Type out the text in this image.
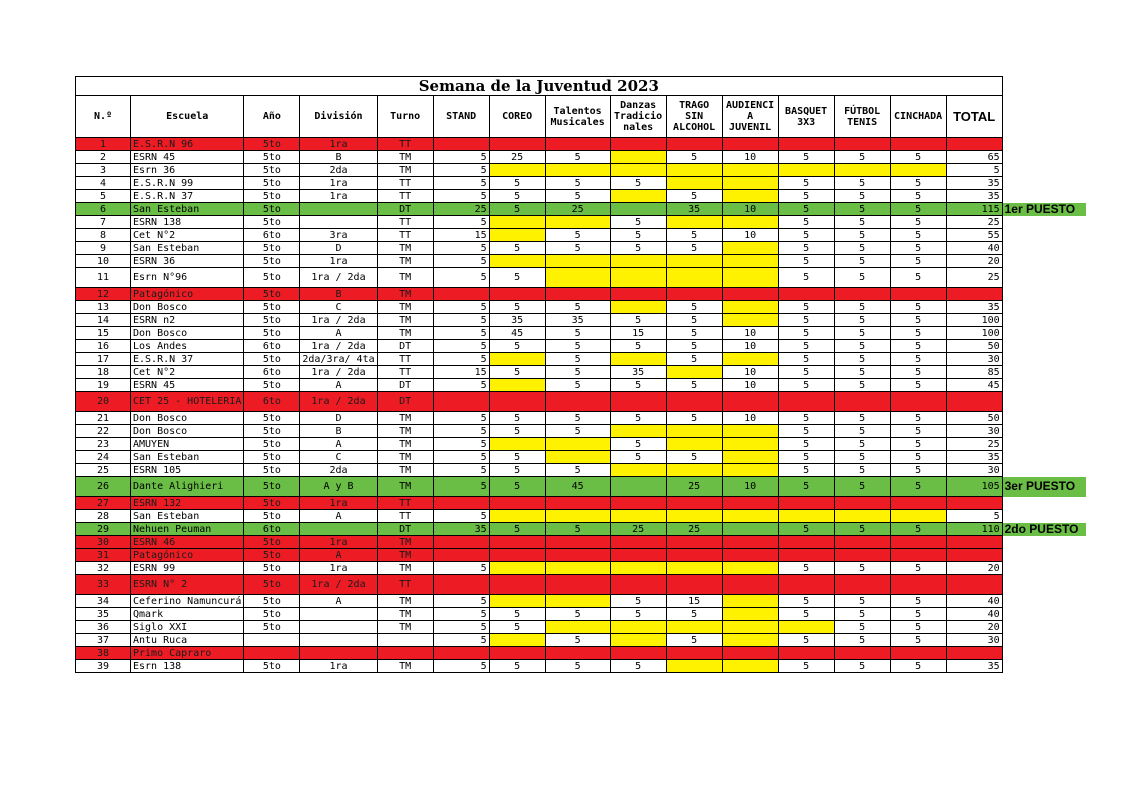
Semana de la Juventud 2023															
N.º	Escuela	Año	División	Turno	STAND	COREO	Talentos Musicales	Danzas Tradicio nales	TRAGO SIN ALCOHOL	AUDIENCI A JUVENIL	BASQUET 3X3	FÚTBOL TENIS	CINCHADA	TOTAL	
1	E.S.R.N 96	5to	1ra	TT											
2	ESRN 45	5to	B	TM	5	25	5		5	10	5	5	5	65	
3	Esrn 36	5to	2da	TM	5									5	
4	E.S.R.N 99	5to	1ra	TT	5	5	5	5			5	5	5	35	
5	E.S.R.N 37	5to	1ra	TT	5	5	5		5		5	5	5	35	
6	San Esteban	5to		DT	25	5	25		35	10	5	5	5	115	1er PUESTO
7	ESRN 138	5to		TT	5			5			5	5	5	25	
8	Cet N°2	6to	3ra	TT	15		5	5	5	10	5	5	5	55	
9	San Esteban	5to	D	TM	5	5	5	5	5		5	5	5	40	
10	ESRN 36	5to	1ra	TM	5						5	5	5	20	
11	Esrn N°96	5to	1ra / 2da	TM	5	5					5	5	5	25	
12	Patagónico	5to	B	TM											
13	Don Bosco	5to	C	TM	5	5	5		5		5	5	5	35	
14	ESRN n2	5to	1ra / 2da	TM	5	35	35	5	5		5	5	5	100	
15	Don Bosco	5to	A	TM	5	45	5	15	5	10	5	5	5	100	
16	Los Andes	6to	1ra / 2da	DT	5	5	5	5	5	10	5	5	5	50	
17	E.S.R.N 37	5to	2da/3ra/ 4ta	TT	5		5		5		5	5	5	30	
18	Cet N°2	6to	1ra / 2da	TT	15	5	5	35		10	5	5	5	85	
19	ESRN 45	5to	A	DT	5		5	5	5	10	5	5	5	45	
20	CET 25 - HOTELERIA	6to	1ra / 2da	DT											
21	Don Bosco	5to	D	TM	5	5	5	5	5	10	5	5	5	50	
22	Don Bosco	5to	B	TM	5	5	5				5	5	5	30	
23	AMUYEN	5to	A	TM	5			5			5	5	5	25	
24	San Esteban	5to	C	TM	5	5		5	5		5	5	5	35	
25	ESRN 105	5to	2da	TM	5	5	5				5	5	5	30	
26	Dante Alighieri	5to	A y B	TM	5	5	45		25	10	5	5	5	105	3er PUESTO
27	ESRN 132	5to	1ra	TT											
28	San Esteban	5to	A	TT	5									5	
29	Nehuen Peuman	6to		DT	35	5	5	25	25		5	5	5	110	2do PUESTO
30	ESRN 46	5to	1ra	TM											
31	Patagónico	5to	A	TM											
32	ESRN 99	5to	1ra	TM	5						5	5	5	20	
33	ESRN N° 2	5to	1ra / 2da	TT											
34	Ceferino Namuncurá	5to	A	TM	5			5	15		5	5	5	40	
35	Qmark	5to		TM	5	5	5	5	5		5	5	5	40	
36	Siglo XXI	5to		TM	5	5						5	5	20	
37	Antu Ruca				5		5		5		5	5	5	30	
38	Primo Capraro														
39	Esrn 138	5to	1ra	TM	5	5	5	5			5	5	5	35	
